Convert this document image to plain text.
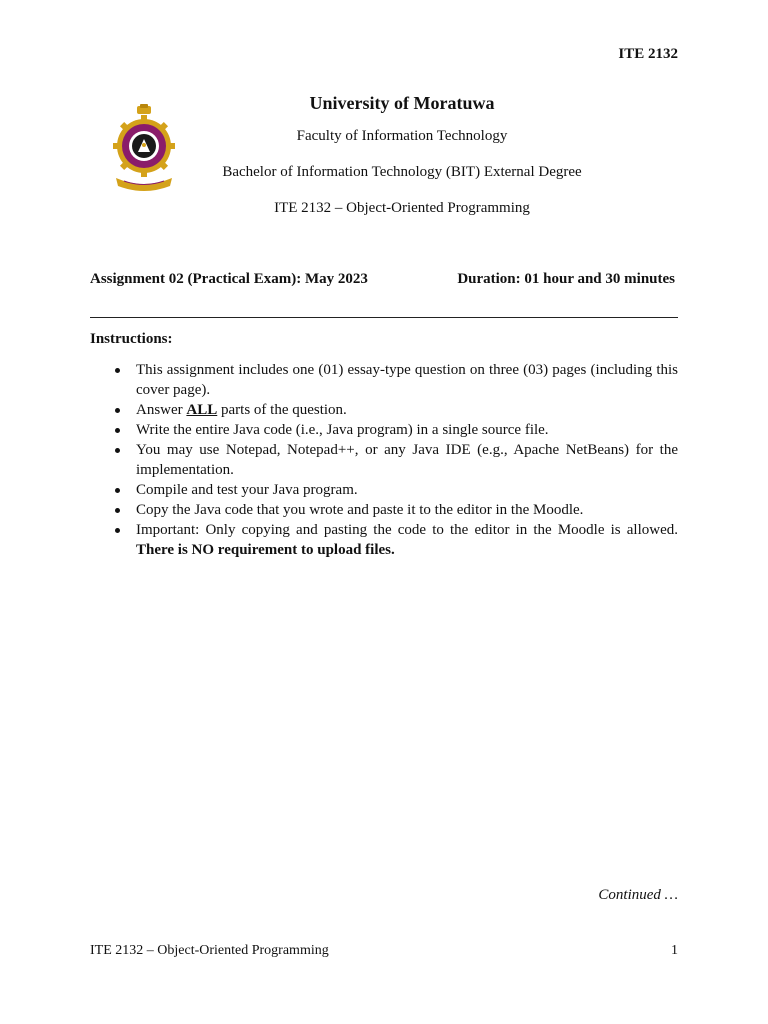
ITE 2132
University of Moratuwa
Faculty of Information Technology
Bachelor of Information Technology (BIT) External Degree
ITE 2132 – Object-Oriented Programming
Assignment 02 (Practical Exam): May 2023	Duration: 01 hour and 30 minutes
Instructions:
This assignment includes one (01) essay-type question on three (03) pages (including this cover page).
Answer ALL parts of the question.
Write the entire Java code (i.e., Java program) in a single source file.
You may use Notepad, Notepad++, or any Java IDE (e.g., Apache NetBeans) for the implementation.
Compile and test your Java program.
Copy the Java code that you wrote and paste it to the editor in the Moodle.
Important: Only copying and pasting the code to the editor in the Moodle is allowed. There is NO requirement to upload files.
Continued …
ITE 2132 – Object-Oriented Programming	1
